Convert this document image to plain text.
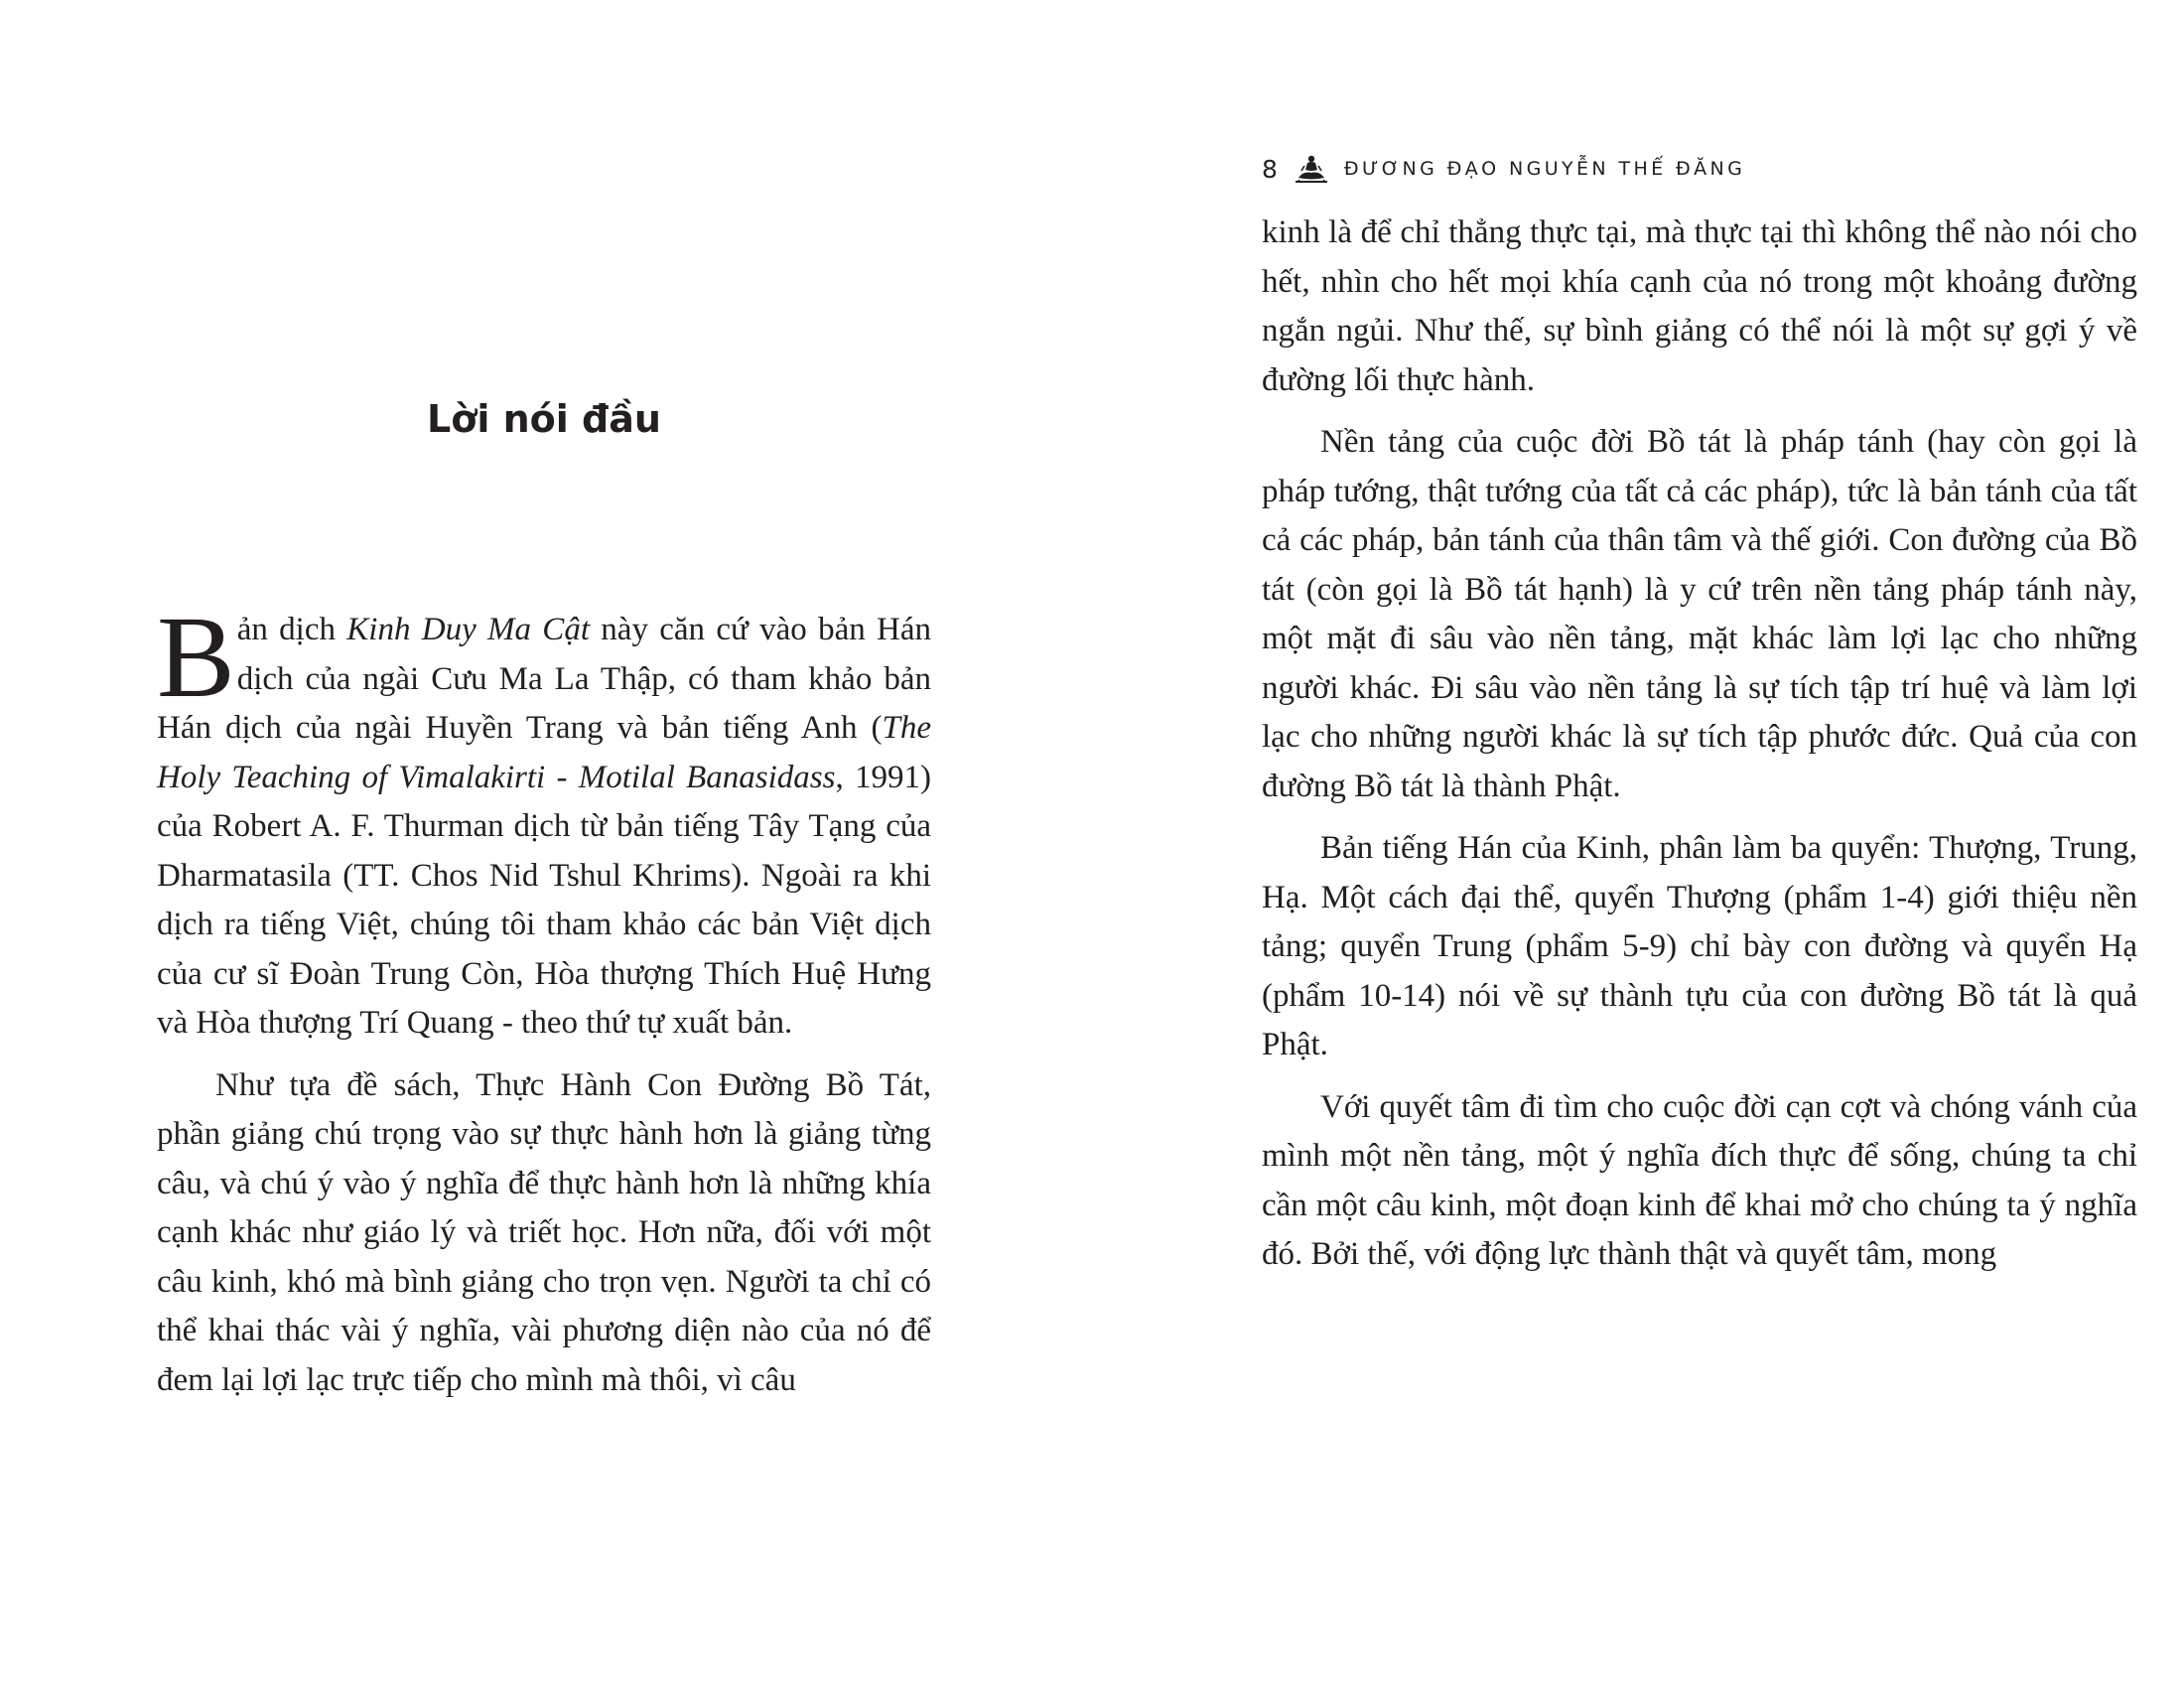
Lời nói đầu

Bản dịch Kinh Duy Ma Cật này căn cứ vào bản Hán dịch của ngài Cưu Ma La Thập, có tham khảo bản Hán dịch của ngài Huyền Trang và bản tiếng Anh (The Holy Teaching of Vimalakirti - Motilal Banasidass, 1991) của Robert A. F. Thurman dịch từ bản tiếng Tây Tạng của Dharmatasila (TT. Chos Nid Tshul Khrims). Ngoài ra khi dịch ra tiếng Việt, chúng tôi tham khảo các bản Việt dịch của cư sĩ Đoàn Trung Còn, Hòa thượng Thích Huệ Hưng và Hòa thượng Trí Quang - theo thứ tự xuất bản.

Như tựa đề sách, Thực Hành Con Đường Bồ Tát, phần giảng chú trọng vào sự thực hành hơn là giảng từng câu, và chú ý vào ý nghĩa để thực hành hơn là những khía cạnh khác như giáo lý và triết học. Hơn nữa, đối với một câu kinh, khó mà bình giảng cho trọn vẹn. Người ta chỉ có thể khai thác vài ý nghĩa, vài phương diện nào của nó để đem lại lợi lạc trực tiếp cho mình mà thôi, vì câu

8	ĐƯƠNG ĐẠO NGUYỄN THẾ ĐĂNG

kinh là để chỉ thẳng thực tại, mà thực tại thì không thể nào nói cho hết, nhìn cho hết mọi khía cạnh của nó trong một khoảng đường ngắn ngủi. Như thế, sự bình giảng có thể nói là một sự gợi ý về đường lối thực hành.

Nền tảng của cuộc đời Bồ tát là pháp tánh (hay còn gọi là pháp tướng, thật tướng của tất cả các pháp), tức là bản tánh của tất cả các pháp, bản tánh của thân tâm và thế giới. Con đường của Bồ tát (còn gọi là Bồ tát hạnh) là y cứ trên nền tảng pháp tánh này, một mặt đi sâu vào nền tảng, mặt khác làm lợi lạc cho những người khác. Đi sâu vào nền tảng là sự tích tập trí huệ và làm lợi lạc cho những người khác là sự tích tập phước đức. Quả của con đường Bồ tát là thành Phật.

Bản tiếng Hán của Kinh, phân làm ba quyển: Thượng, Trung, Hạ. Một cách đại thể, quyển Thượng (phẩm 1-4) giới thiệu nền tảng; quyển Trung (phẩm 5-9) chỉ bày con đường và quyển Hạ (phẩm 10-14) nói về sự thành tựu của con đường Bồ tát là quả Phật.

Với quyết tâm đi tìm cho cuộc đời cạn cợt và chóng vánh của mình một nền tảng, một ý nghĩa đích thực để sống, chúng ta chỉ cần một câu kinh, một đoạn kinh để khai mở cho chúng ta ý nghĩa đó. Bởi thế, với động lực thành thật và quyết tâm, mong
